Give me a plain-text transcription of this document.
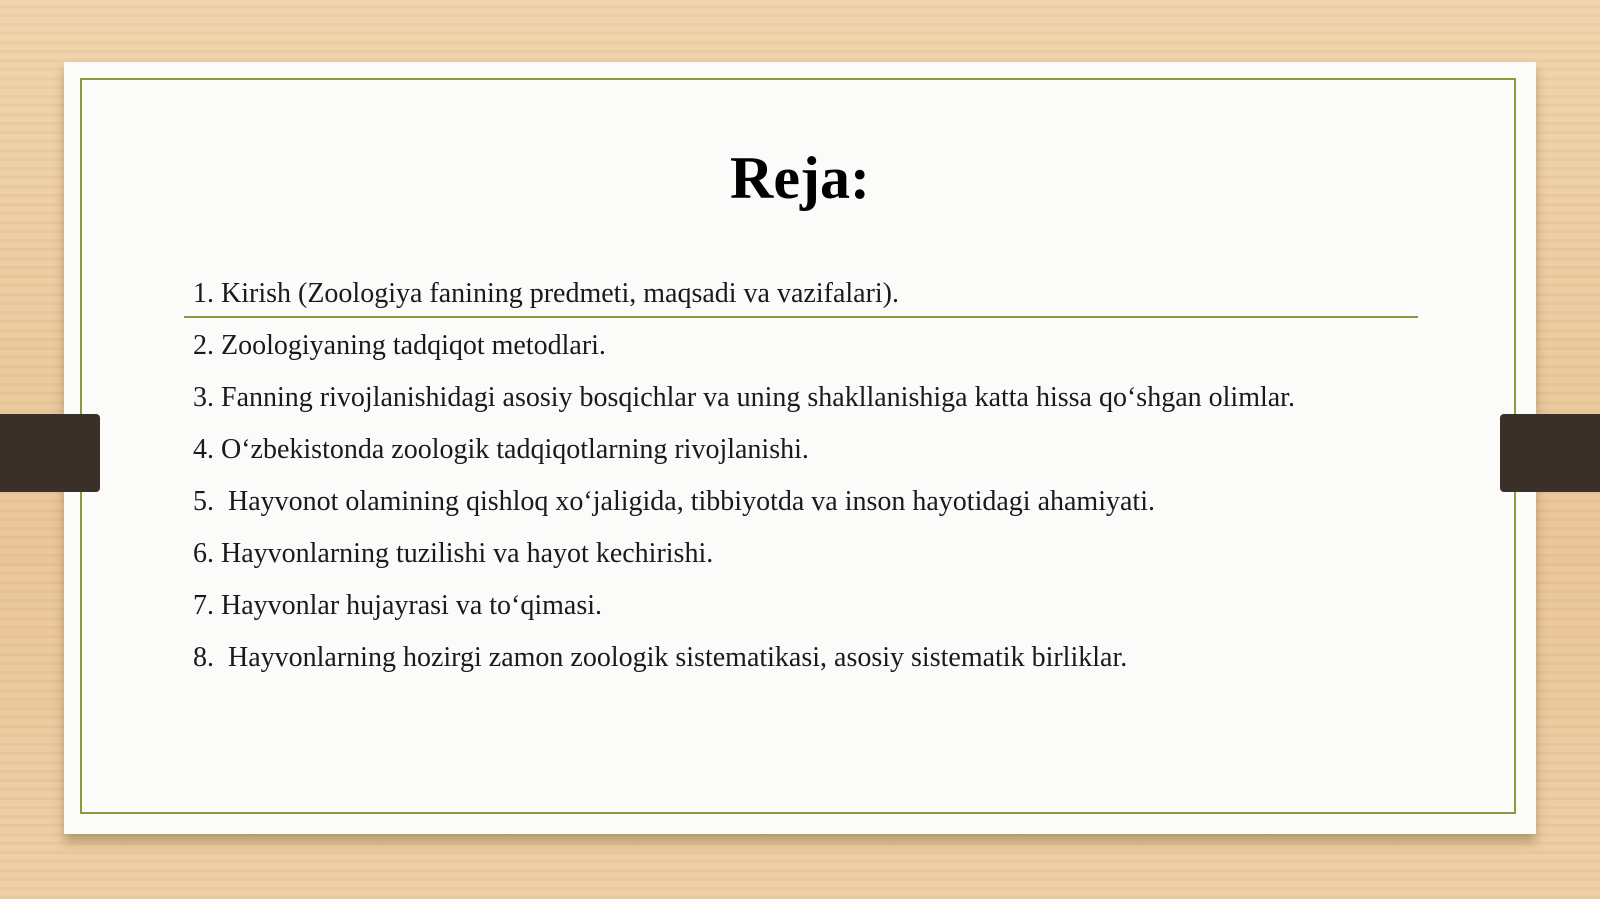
Reja:
1. Kirish (Zoologiya fanining predmeti, maqsadi va vazifalari).
2. Zoologiyaning tadqiqot metodlari.
3. Fanning rivojlanishidagi asosiy bosqichlar va uning shakllanishiga katta hissa qo‘shgan olimlar.
4. O‘zbekistonda zoologik tadqiqotlarning rivojlanishi.
5.  Hayvonot olamining qishloq xo‘jaligida, tibbiyotda va inson hayotidagi ahamiyati.
6. Hayvonlarning tuzilishi va hayot kechirishi.
7. Hayvonlar hujayrasi va to‘qimasi.
8.  Hayvonlarning hozirgi zamon zoologik sistematikasi, asosiy sistematik birliklar.
